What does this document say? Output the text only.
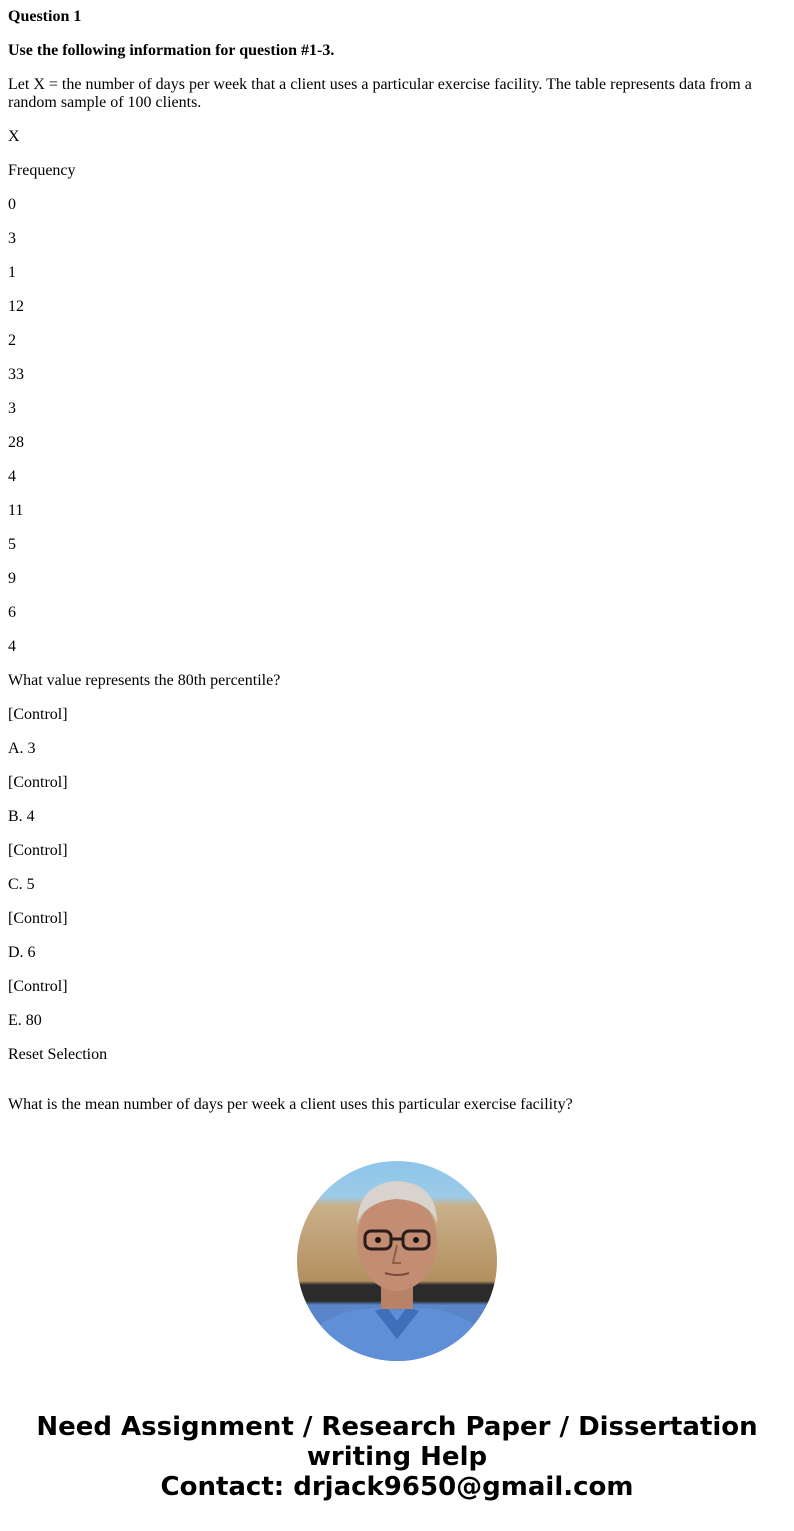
Question 1

Use the following information for question #1-3.

Let X = the number of days per week that a client uses a particular exercise facility. The table represents data from a random sample of 100 clients.

X

Frequency

0

3

1

12

2

33

3

28

4

11

5

9

6

4

What value represents the 80th percentile?

[Control]

A. 3

[Control]

B. 4

[Control]

C. 5

[Control]

D. 6

[Control]

E. 80

Reset Selection

What is the mean number of days per week a client uses this particular exercise facility?

Need Assignment / Research Paper / Dissertation
writing Help
Contact: drjack9650@gmail.com
